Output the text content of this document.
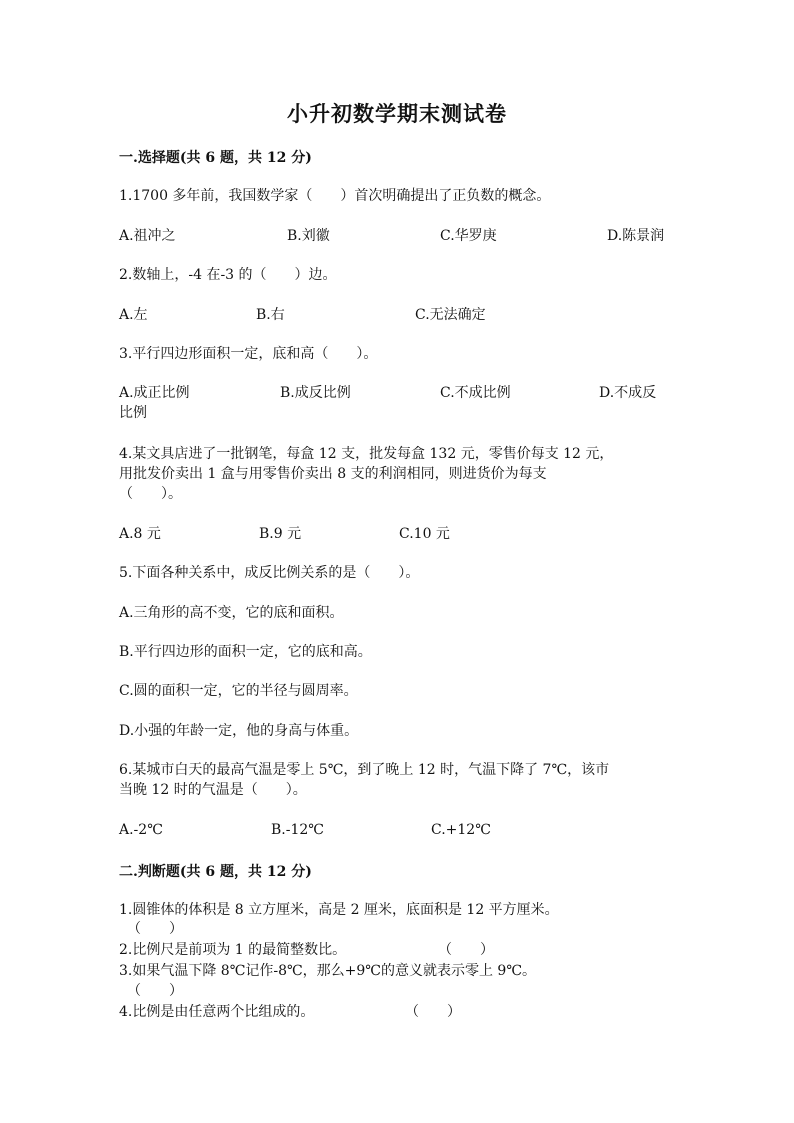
小升初数学期末测试卷
一.选择题(共 6 题，共 12 分)
1.1700 多年前，我国数学家（　　）首次明确提出了正负数的概念。
A.祖冲之	B.刘徽	C.华罗庚	D.陈景润
2.数轴上，-4 在-3 的（　　）边。
A.左	B.右	C.无法确定
3.平行四边形面积一定，底和高（　　）。
A.成正比例	B.成反比例	C.不成比例	D.不成反
比例
4.某文具店进了一批钢笔，每盒 12 支，批发每盒 132 元，零售价每支 12 元，
用批发价卖出 1 盒与用零售价卖出 8 支的利润相同，则进货价为每支
（　　）。
A.8 元	B.9 元	C.10 元
5.下面各种关系中，成反比例关系的是（　　）。
A.三角形的高不变，它的底和面积。
B.平行四边形的面积一定，它的底和高。
C.圆的面积一定，它的半径与圆周率。
D.小强的年龄一定，他的身高与体重。
6.某城市白天的最高气温是零上 5℃，到了晚上 12 时，气温下降了 7℃，该市
当晚 12 时的气温是（　　）。
A.-2℃	B.-12℃	C.+12℃
二.判断题(共 6 题，共 12 分)
1.圆锥体的体积是 8 立方厘米，高是 2 厘米，底面积是 12 平方厘米。
（　　）
2.比例尺是前项为 1 的最简整数比。	（　　）
3.如果气温下降 8℃记作-8℃，那么+9℃的意义就表示零上 9℃。
（　　）
4.比例是由任意两个比组成的。	（　　）
